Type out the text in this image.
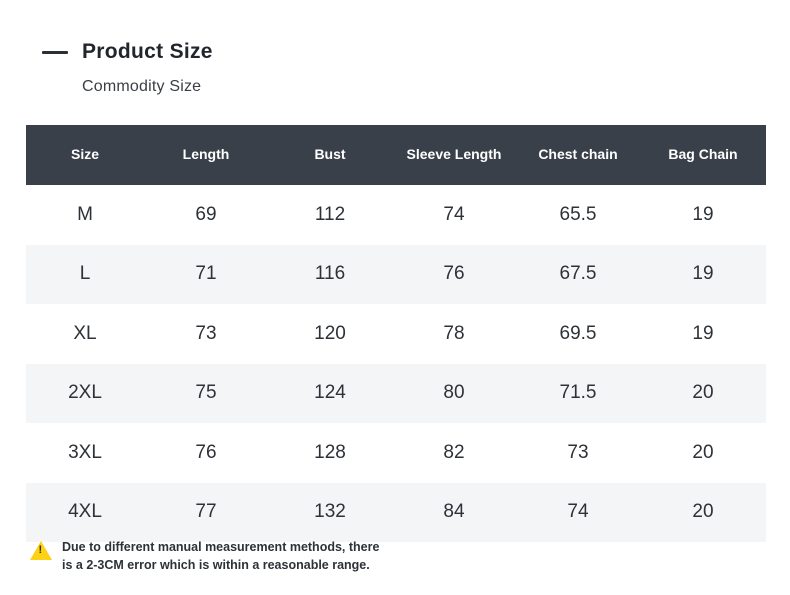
Product Size
Commodity Size
Size	Length	Bust	Sleeve Length	Chest chain	Bag Chain
M	69	112	74	65.5	19
L	71	116	76	67.5	19
XL	73	120	78	69.5	19
2XL	75	124	80	71.5	20
3XL	76	128	82	73	20
4XL	77	132	84	74	20
!
Due to different manual measurement methods, there
is a 2-3CM error which is within a reasonable range.
